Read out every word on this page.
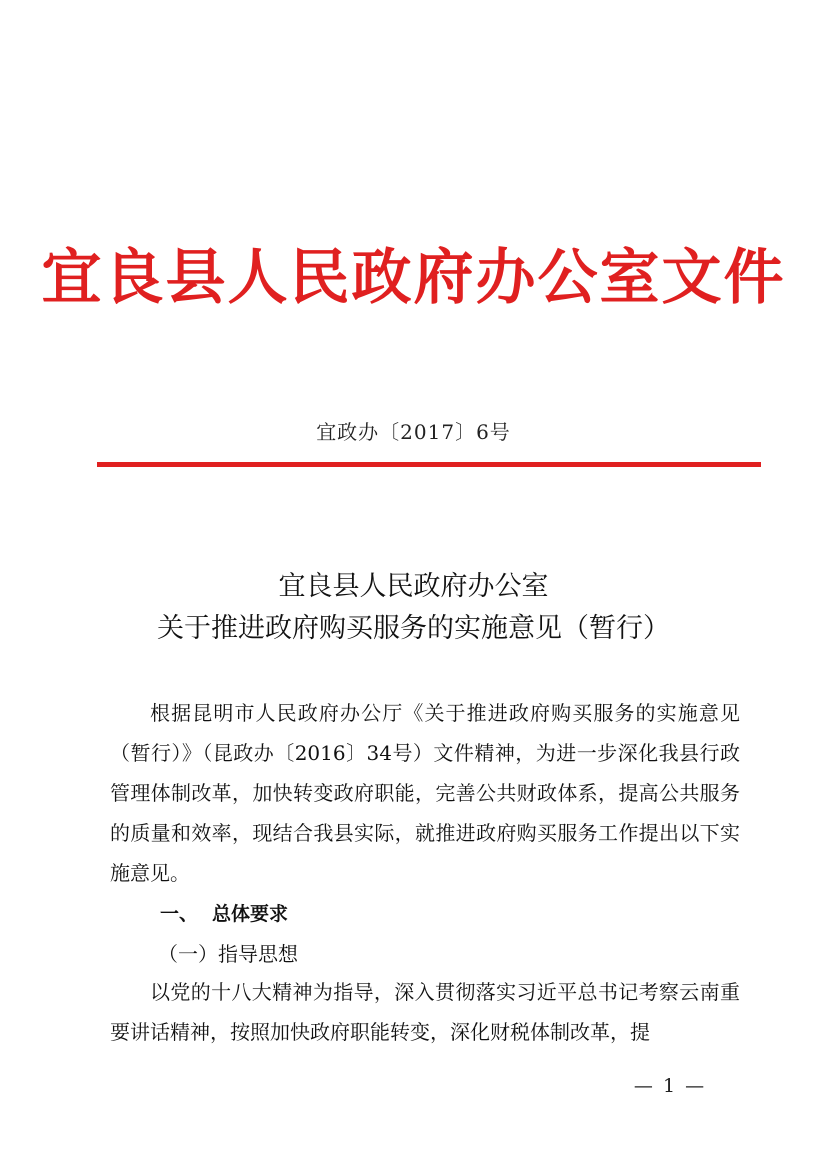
宜良县人民政府办公室文件
宜政办〔2017〕6号
宜良县人民政府办公室
关于推进政府购买服务的实施意见（暂行）
根据昆明市人民政府办公厅《关于推进政府购买服务的实施意见（暂行）》（昆政办〔2016〕34号）文件精神，为进一步深化我县行政管理体制改革，加快转变政府职能，完善公共财政体系，提高公共服务的质量和效率，现结合我县实际，就推进政府购买服务工作提出以下实施意见。
一、 总体要求
（一）指导思想
以党的十八大精神为指导，深入贯彻落实习近平总书记考察云南重要讲话精神，按照加快政府职能转变，深化财税体制改革，提
— 1 —
